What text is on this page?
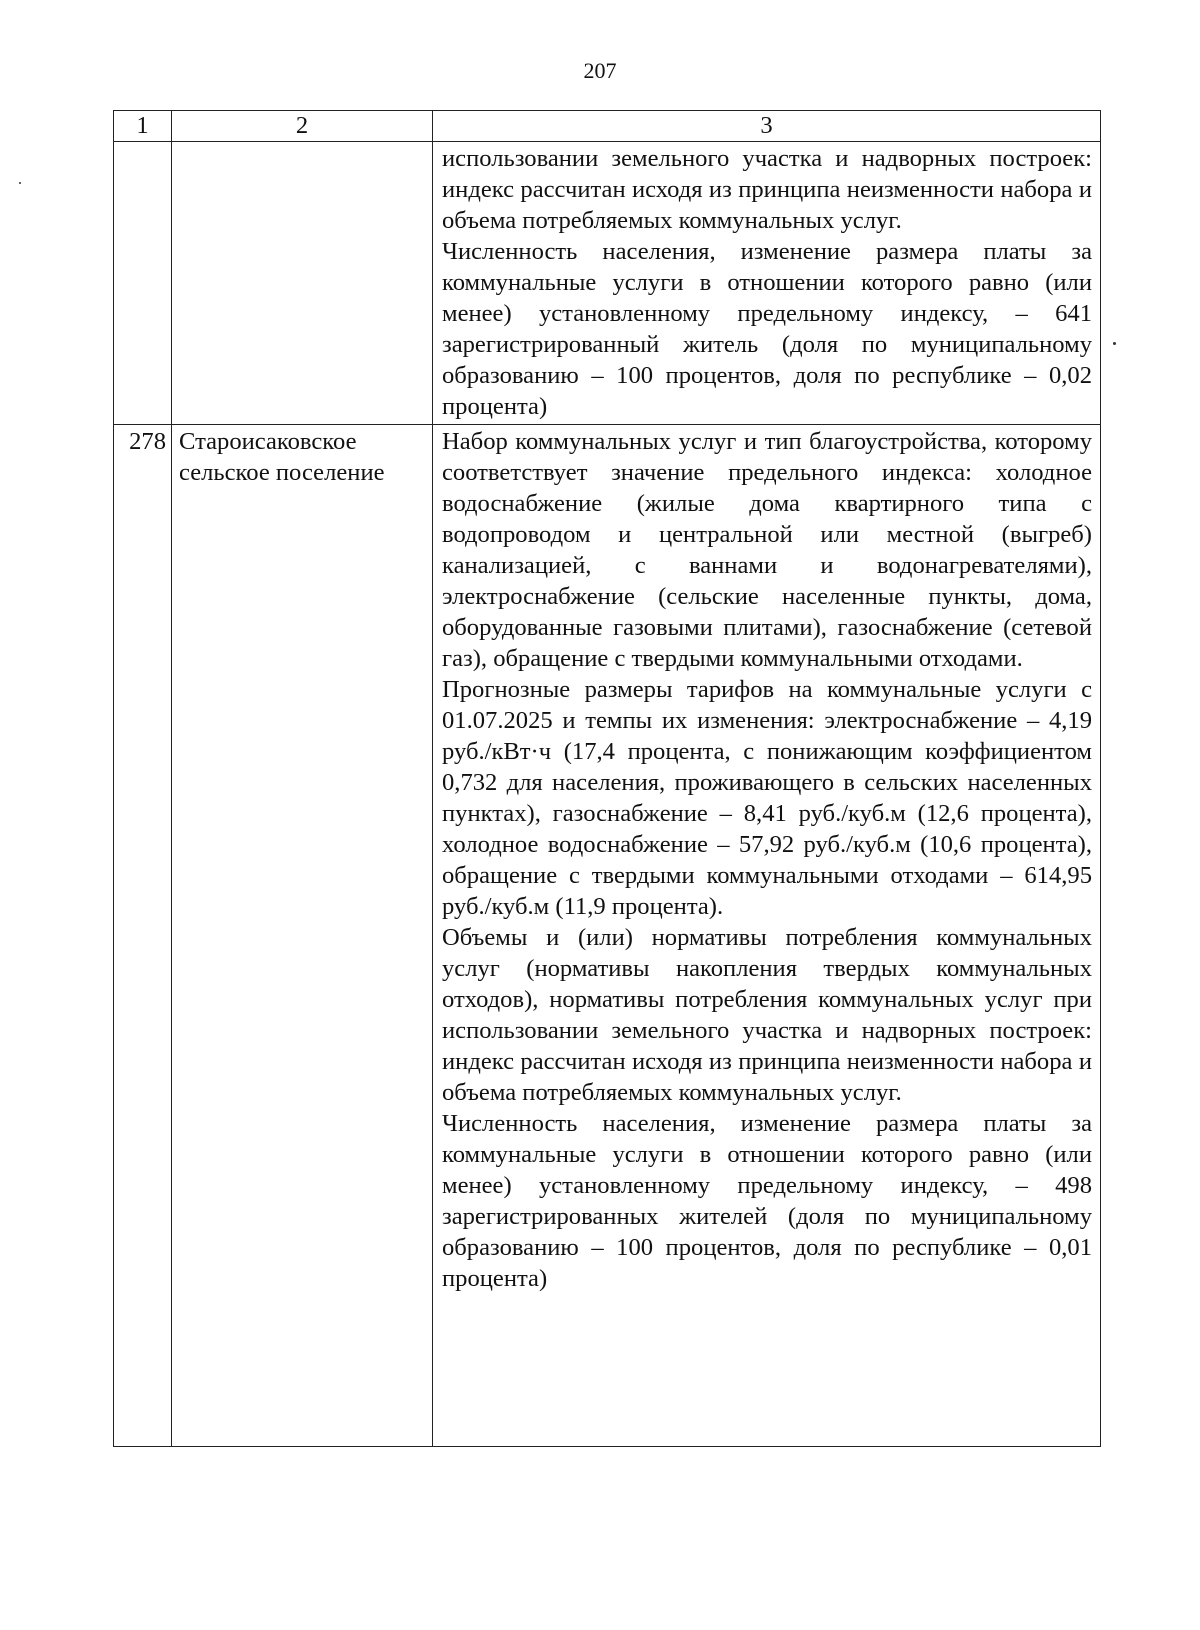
207
1	2	3

		использовании земельного участка и надворных построек: индекс рассчитан исходя из принципа неизменности набора и объема потребляемых коммунальных услуг.

Численность населения, изменение размера платы за коммунальные услуги в отношении которого равно (или менее) установленному предельному индексу, – 641 зарегистрированный житель (доля по муниципальному образованию – 100 процентов, доля по республике – 0,02 процента)

278	Староисаковское сельское поселение	Набор коммунальных услуг и тип благоустройства, которому соответствует значение предельного индекса: холодное водоснабжение (жилые дома квартирного типа с водопроводом и центральной или местной (выгреб) канализацией, с ваннами и водонагревателями), электроснабжение (сельские населенные пункты, дома, оборудованные газовыми плитами), газоснабжение (сетевой газ), обращение с твердыми коммунальными отходами.

Прогнозные размеры тарифов на коммунальные услуги с 01.07.2025 и темпы их изменения: электроснабжение – 4,19 руб./кВт·ч (17,4 процента, с понижающим коэффициентом 0,732 для населения, проживающего в сельских населенных пунктах), газоснабжение – 8,41 руб./куб.м (12,6 процента), холодное водоснабжение – 57,92 руб./куб.м (10,6 процента), обращение с твердыми коммунальными отходами – 614,95 руб./куб.м (11,9 процента).

Объемы и (или) нормативы потребления коммунальных услуг (нормативы накопления твердых коммунальных отходов), нормативы потребления коммунальных услуг при использовании земельного участка и надворных построек: индекс рассчитан исходя из принципа неизменности набора и объема потребляемых коммунальных услуг.

Численность населения, изменение размера платы за коммунальные услуги в отношении которого равно (или менее) установленному предельному индексу, – 498 зарегистрированных жителей (доля по муниципальному образованию – 100 процентов, доля по республике – 0,01 процента)
